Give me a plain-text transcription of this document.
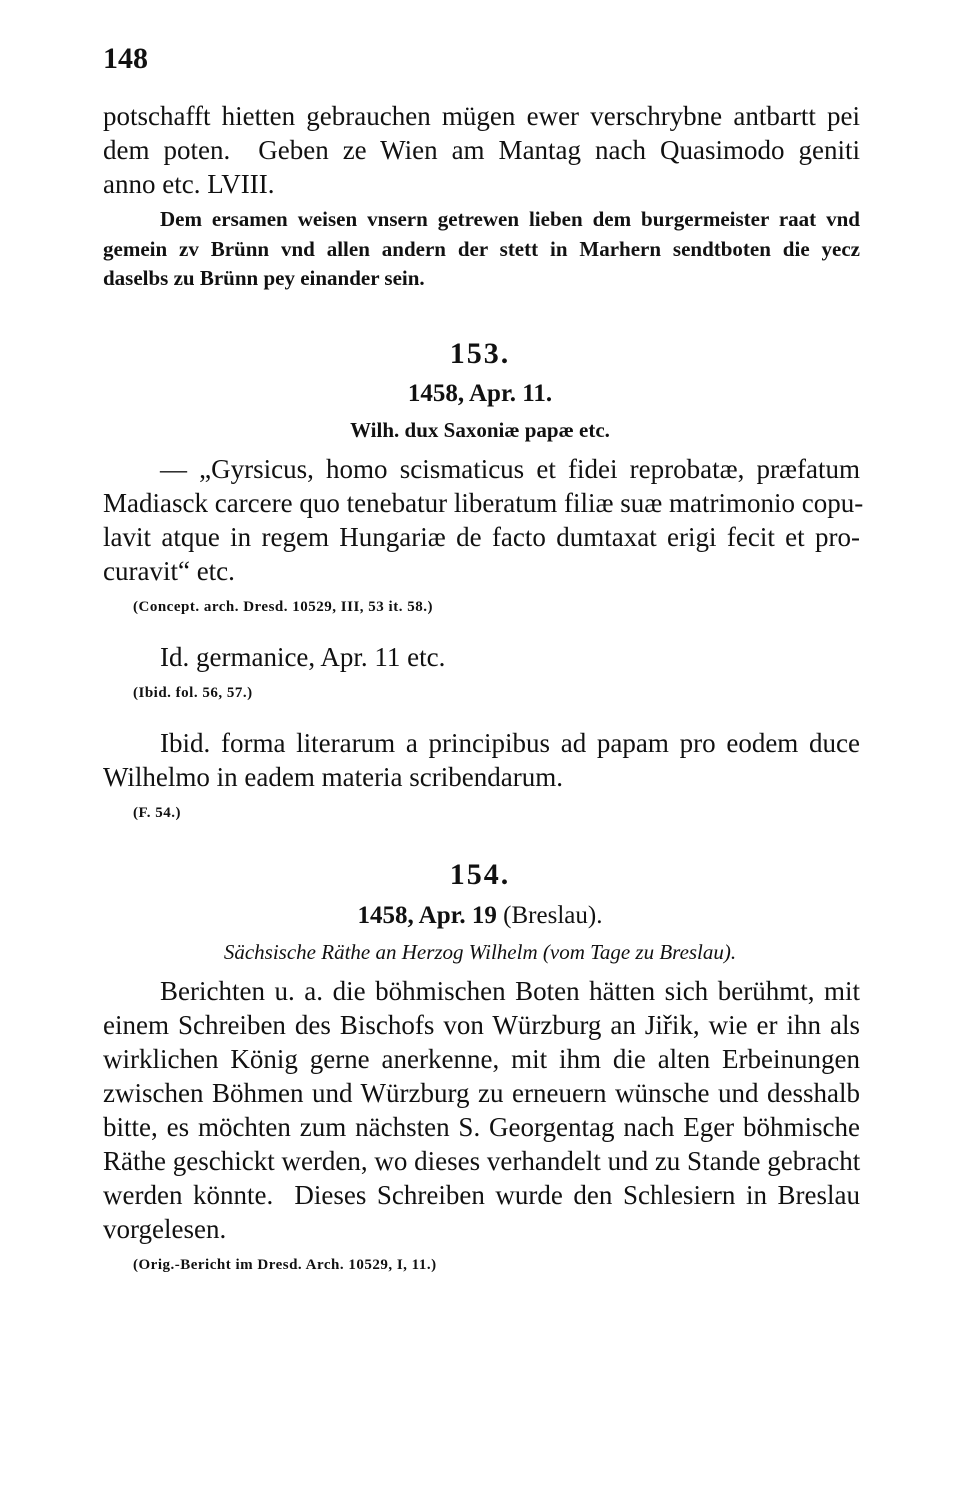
148
potschafft hietten gebrauchen mügen ewer verschrybne antbartt pei
dem poten.  Geben ze Wien am Mantag nach Quasimodo geniti
anno etc. LVIII.
Dem ersamen weisen vnsern getrewen lieben dem burgermeister raat vnd
gemein zv Brünn vnd allen andern der stett in Marhern sendtboten die yecz
daselbs zu Brünn pey einander sein.
153.
1458, Apr. 11.
Wilh. dux Saxoniæ papæ etc.
— „Gyrsicus, homo scismaticus et fidei reprobatæ, præfatum
Madiasck carcere quo tenebatur liberatum filiæ suæ matrimonio copu-
lavit atque in regem Hungariæ de facto dumtaxat erigi fecit et pro-
curavit“ etc.
(Concept. arch. Dresd. 10529, III, 53 it. 58.)
Id. germanice, Apr. 11 etc.
(Ibid. fol. 56, 57.)
Ibid. forma literarum a principibus ad papam pro eodem duce
Wilhelmo in eadem materia scribendarum.
(F. 54.)
154.
1458, Apr. 19 (Breslau).
Sächsische Räthe an Herzog Wilhelm (vom Tage zu Breslau).
Berichten u. a. die böhmischen Boten hätten sich berühmt, mit
einem Schreiben des Bischofs von Würzburg an Jiřik, wie er ihn als
wirklichen König gerne anerkenne, mit ihm die alten Erbeinungen
zwischen Böhmen und Würzburg zu erneuern wünsche und desshalb
bitte, es möchten zum nächsten S. Georgentag nach Eger böhmische
Räthe geschickt werden, wo dieses verhandelt und zu Stande gebracht
werden könnte.  Dieses Schreiben wurde den Schlesiern in Breslau
vorgelesen.
(Orig.-Bericht im Dresd. Arch. 10529, I, 11.)
